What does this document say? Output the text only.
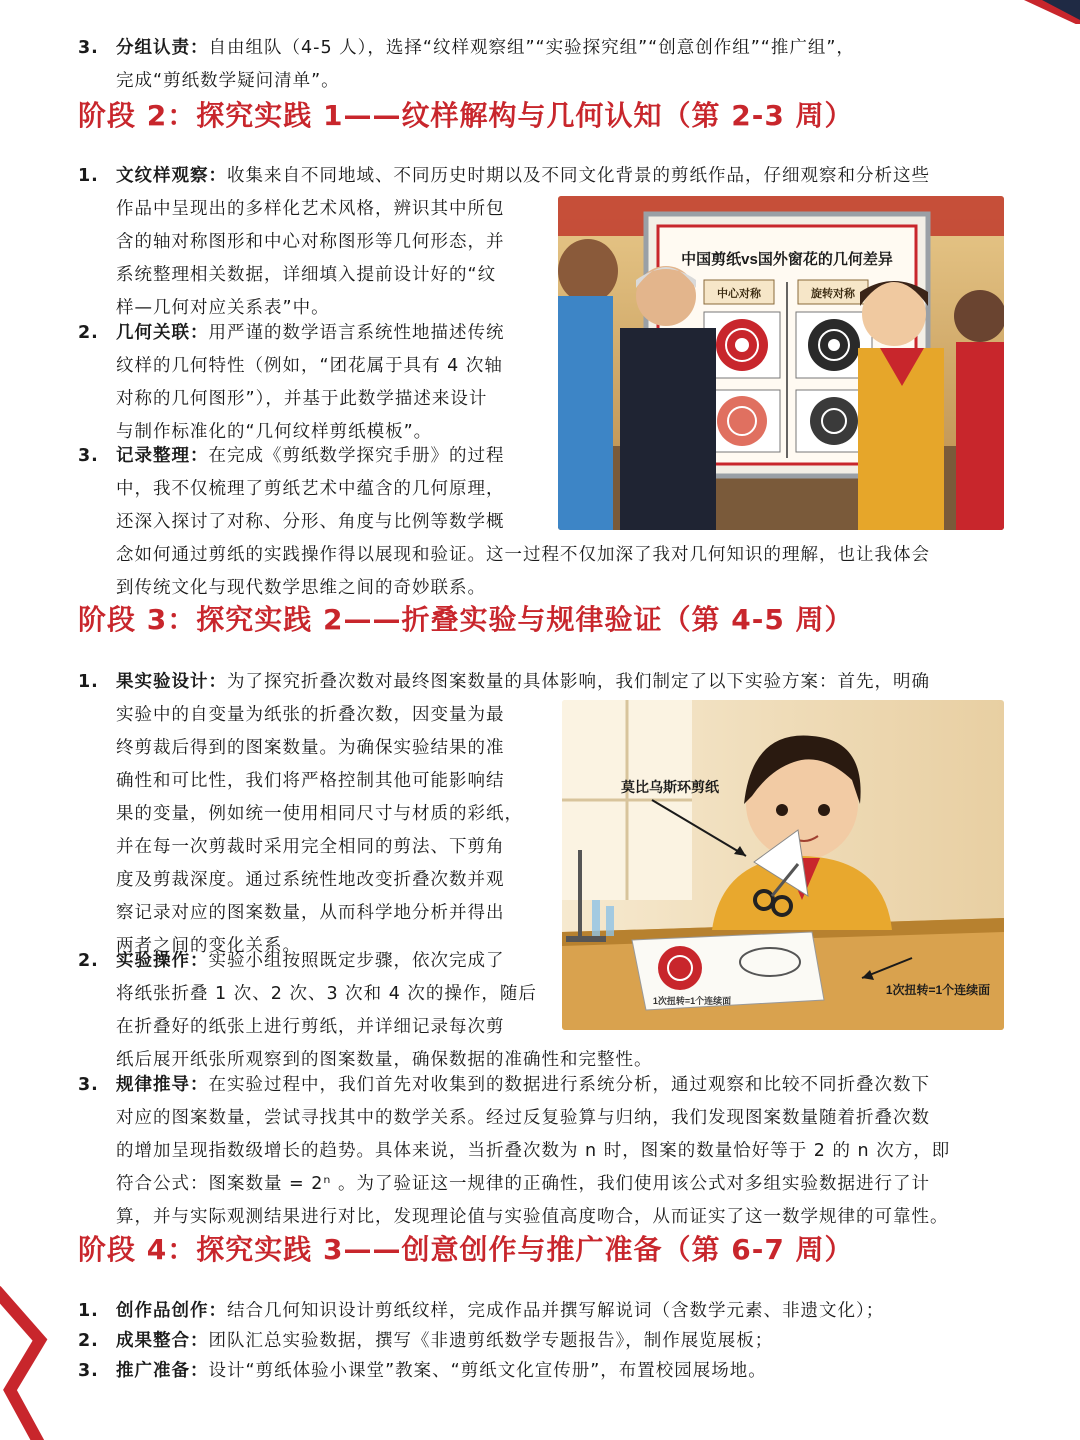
3. 分组认责：自由组队（4-5 人），选择“纹样观察组”“实验探究组”“创意创作组”“推广组”，
完成“剪纸数学疑问清单”。
阶段 2：探究实践 1——纹样解构与几何认知（第 2-3 周）
1. 文纹样观察：收集来自不同地域、不同历史时期以及不同文化背景的剪纸作品，仔细观察和分析这些
作品中呈现出的多样化艺术风格，辨识其中所包
含的轴对称图形和中心对称图形等几何形态，并
系统整理相关数据，详细填入提前设计好的“纹
样—几何对应关系表”中。
2. 几何关联：用严谨的数学语言系统性地描述传统
纹样的几何特性（例如，“团花属于具有 4 次轴
对称的几何图形”），并基于此数学描述来设计
与制作标准化的“几何纹样剪纸模板”。
3. 记录整理：在完成《剪纸数学探究手册》的过程
中，我不仅梳理了剪纸艺术中蕴含的几何原理，
还深入探讨了对称、分形、角度与比例等数学概
念如何通过剪纸的实践操作得以展现和验证。这一过程不仅加深了我对几何知识的理解，也让我体会
到传统文化与现代数学思维之间的奇妙联系。
中国剪纸vs国外窗花的几何差异
中心对称	旋转对称
阶段 3：探究实践 2——折叠实验与规律验证（第 4-5 周）
1. 果实验设计：为了探究折叠次数对最终图案数量的具体影响，我们制定了以下实验方案：首先，明确
实验中的自变量为纸张的折叠次数，因变量为最
终剪裁后得到的图案数量。为确保实验结果的准
确性和可比性，我们将严格控制其他可能影响结
果的变量，例如统一使用相同尺寸与材质的彩纸，
并在每一次剪裁时采用完全相同的剪法、下剪角
度及剪裁深度。通过系统性地改变折叠次数并观
察记录对应的图案数量，从而科学地分析并得出
两者之间的变化关系。
2. 实验操作：实验小组按照既定步骤，依次完成了
将纸张折叠 1 次、2 次、3 次和 4 次的操作，随后
在折叠好的纸张上进行剪纸，并详细记录每次剪
纸后展开纸张所观察到的图案数量，确保数据的准确性和完整性。
3. 规律推导：在实验过程中，我们首先对收集到的数据进行系统分析，通过观察和比较不同折叠次数下
对应的图案数量，尝试寻找其中的数学关系。经过反复验算与归纳，我们发现图案数量随着折叠次数
的增加呈现指数级增长的趋势。具体来说，当折叠次数为 n 时，图案的数量恰好等于 2 的 n 次方，即
符合公式：图案数量 = 2ⁿ 。为了验证这一规律的正确性，我们使用该公式对多组实验数据进行了计
算，并与实际观测结果进行对比，发现理论值与实验值高度吻合，从而证实了这一数学规律的可靠性。
莫比乌斯环剪纸
1次扭转=1个连续面
1次扭转=1个连续面
阶段 4：探究实践 3——创意创作与推广准备（第 6-7 周）
1. 创作品创作：结合几何知识设计剪纸纹样，完成作品并撰写解说词（含数学元素、非遗文化）；
2. 成果整合：团队汇总实验数据，撰写《非遗剪纸数学专题报告》，制作展览展板；
3. 推广准备：设计“剪纸体验小课堂”教案、“剪纸文化宣传册”，布置校园展场地。
